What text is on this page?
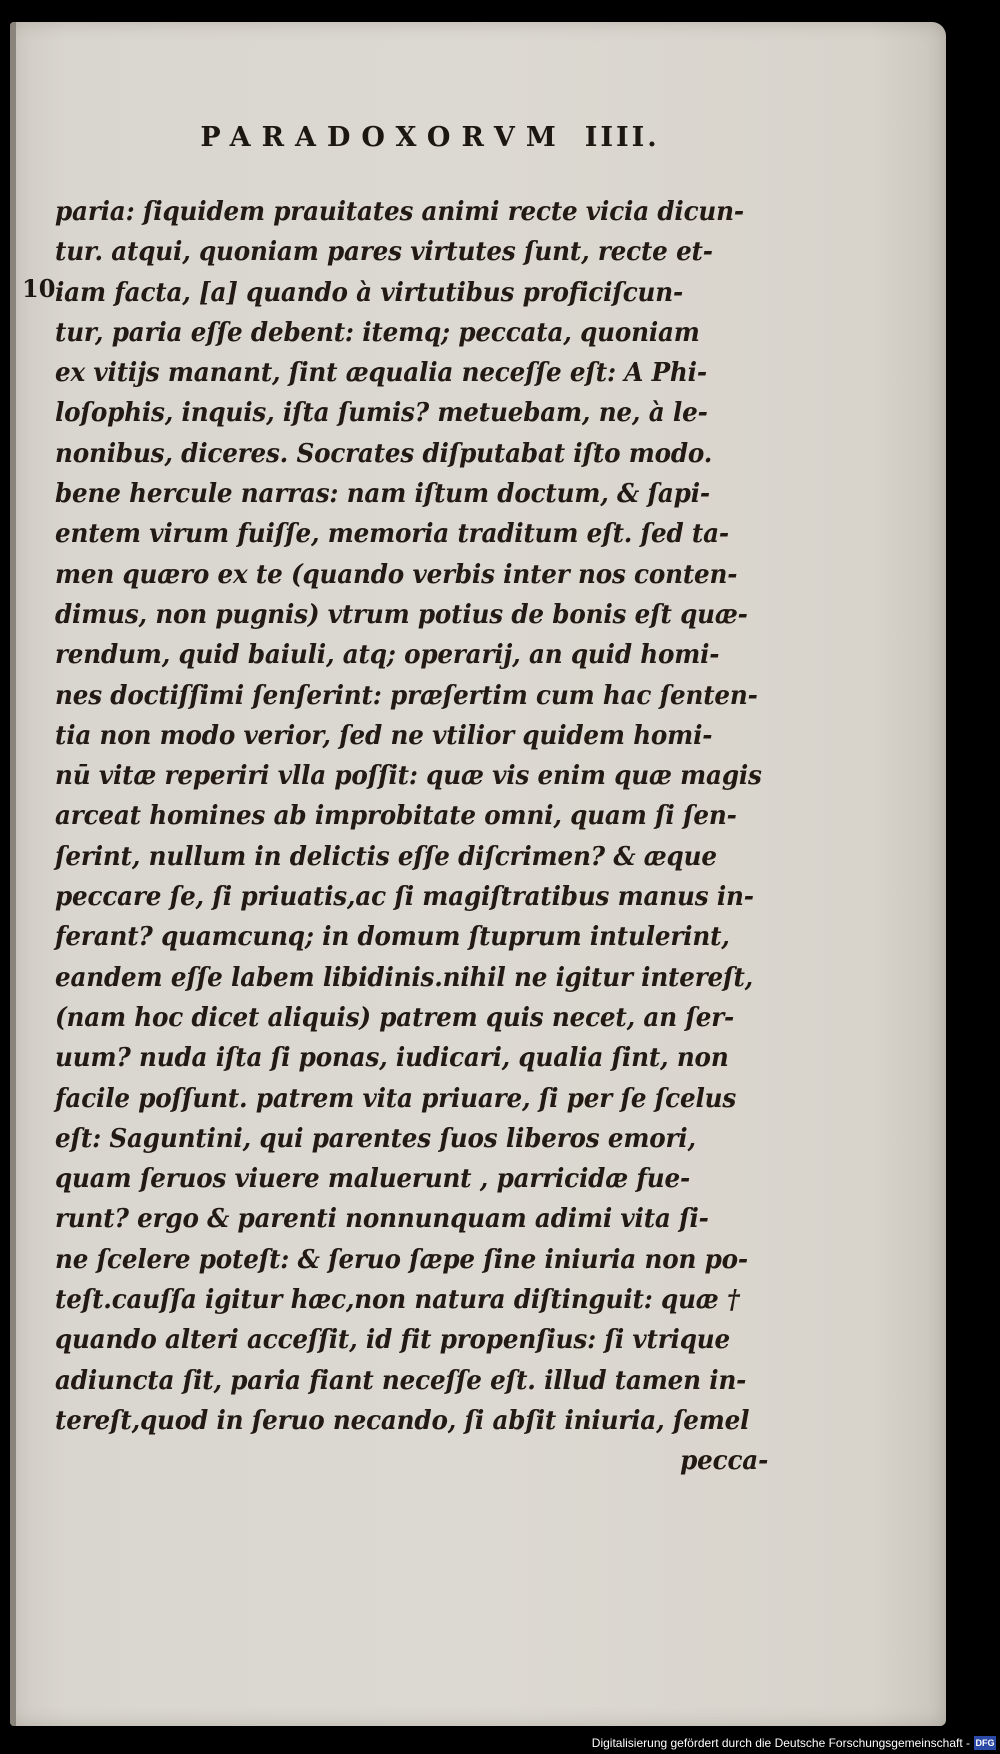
PARADOXORVM IIII.
10.
paria: ſiquidem prauitates animi recte vicia dicun-
tur. atqui, quoniam pares virtutes ſunt, recte et-
iam facta, [a] quando à virtutibus proficiſcun-
tur, paria eſſe debent: itemq; peccata, quoniam
ex vitijs manant, ſint æqualia neceſſe eſt: A Phi-
loſophis, inquis, iſta ſumis? metuebam, ne, à le-
nonibus, diceres. Socrates diſputabat iſto modo.
bene hercule narras: nam iſtum doctum, & ſapi-
entem virum fuiſſe, memoria traditum eſt. ſed ta-
men quæro ex te (quando verbis inter nos conten-
dimus, non pugnis) vtrum potius de bonis eſt quæ-
rendum, quid baiuli, atq; operarij, an quid homi-
nes doctiſſimi ſenſerint: præſertim cum hac ſenten-
tia non modo verior, ſed ne vtilior quidem homi-
nū vitæ reperiri vlla poſſit: quæ vis enim quæ magis
arceat homines ab improbitate omni, quam ſi ſen-
ſerint, nullum in delictis eſſe diſcrimen? & æque
peccare ſe, ſi priuatis,ac ſi magiſtratibus manus in-
ferant? quamcunq; in domum ſtuprum intulerint,
eandem eſſe labem libidinis.nihil ne igitur intereſt,
(nam hoc dicet aliquis) patrem quis necet, an ſer-
uum? nuda iſta ſi ponas, iudicari, qualia ſint, non
facile poſſunt. patrem vita priuare, ſi per ſe ſcelus
eſt: Saguntini, qui parentes ſuos liberos emori,
quam ſeruos viuere maluerunt , parricidæ fue-
runt? ergo & parenti nonnunquam adimi vita ſi-
ne ſcelere poteſt: & ſeruo ſæpe ſine iniuria non po-
teſt.cauſſa igitur hæc,non natura diſtinguit: quæ †
quando alteri acceſſit, id fit propenſius: ſi vtrique
adiuncta ſit, paria fiant neceſſe eſt. illud tamen in-
tereſt,quod in ſeruo necando, ſi abſit iniuria, ſemel
pecca-
Digitalisierung gefördert durch die Deutsche Forschungsgemeinschaft - DFG
